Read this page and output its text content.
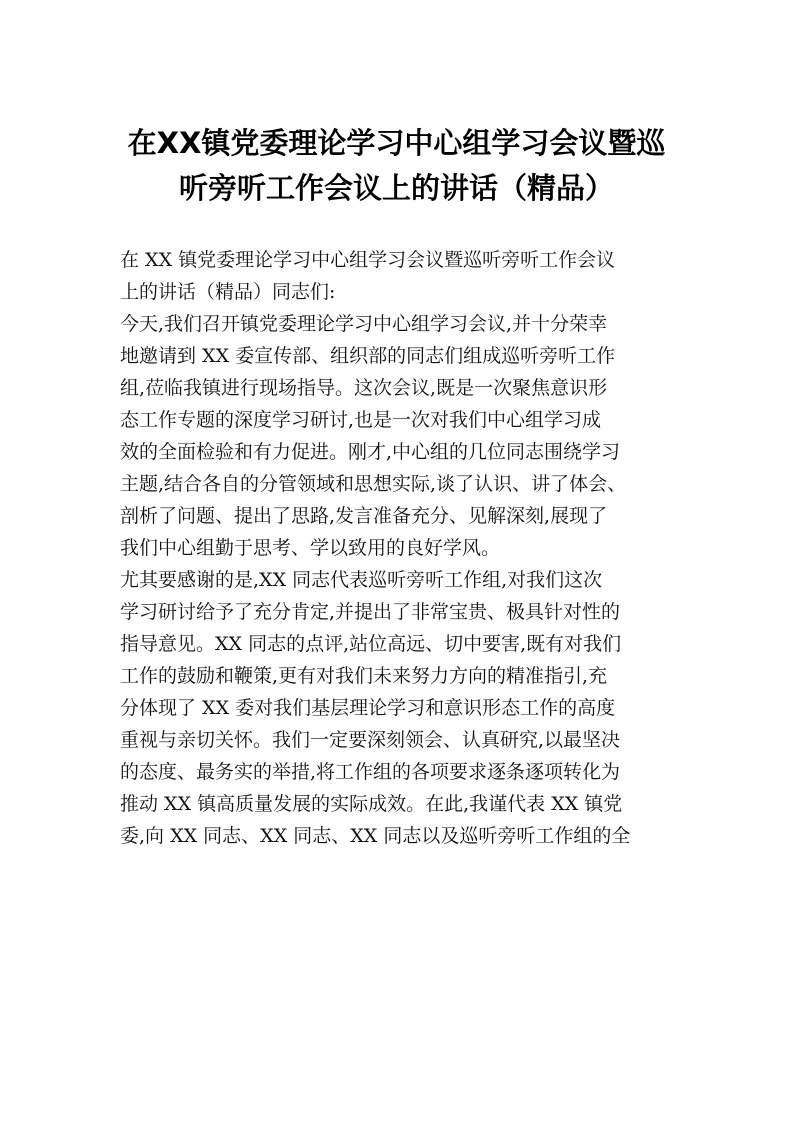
在XX镇党委理论学习中心组学习会议暨巡
听旁听工作会议上的讲话（精品）
在 XX 镇党委理论学习中心组学习会议暨巡听旁听工作会议
上的讲话（精品）同志们:
今天,我们召开镇党委理论学习中心组学习会议,并十分荣幸
地邀请到 XX 委宣传部、组织部的同志们组成巡听旁听工作
组,莅临我镇进行现场指导。这次会议,既是一次聚焦意识形
态工作专题的深度学习研讨,也是一次对我们中心组学习成
效的全面检验和有力促进。刚才,中心组的几位同志围绕学习
主题,结合各自的分管领域和思想实际,谈了认识、讲了体会、
剖析了问题、提出了思路,发言准备充分、见解深刻,展现了
我们中心组勤于思考、学以致用的良好学风。
尤其要感谢的是,XX 同志代表巡听旁听工作组,对我们这次
学习研讨给予了充分肯定,并提出了非常宝贵、极具针对性的
指导意见。XX 同志的点评,站位高远、切中要害,既有对我们
工作的鼓励和鞭策,更有对我们未来努力方向的精准指引,充
分体现了 XX 委对我们基层理论学习和意识形态工作的高度
重视与亲切关怀。我们一定要深刻领会、认真研究,以最坚决
的态度、最务实的举措,将工作组的各项要求逐条逐项转化为
推动 XX 镇高质量发展的实际成效。在此,我谨代表 XX 镇党
委,向 XX 同志、XX 同志、XX 同志以及巡听旁听工作组的全
